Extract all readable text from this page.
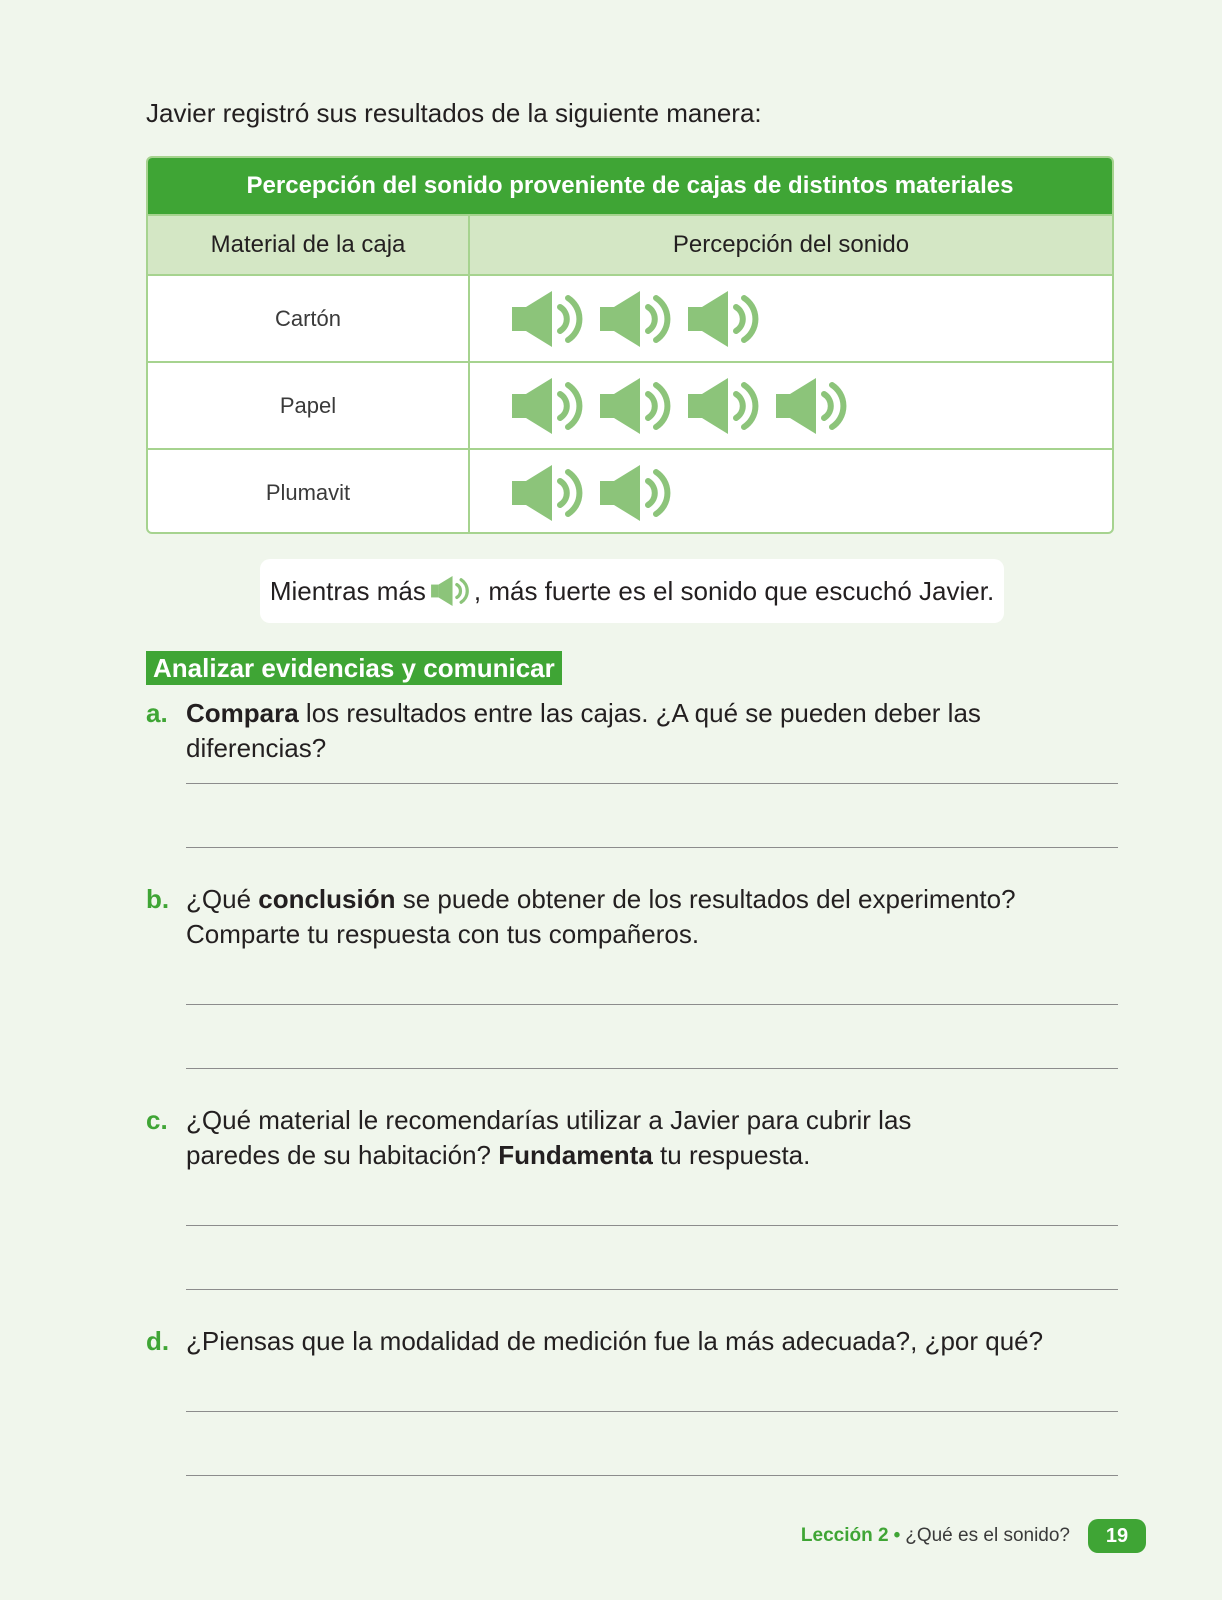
Javier registró sus resultados de la siguiente manera:

Percepción del sonido proveniente de cajas de distintos materiales
Material de la caja	Percepción del sonido
Cartón
Papel
Plumavit
Mientras más , más fuerte es el sonido que escuchó Javier.
Analizar evidencias y comunicar
a. Compara los resultados entre las cajas. ¿A qué se pueden deber las diferencias?
b. ¿Qué conclusión se puede obtener de los resultados del experimento? Comparte tu respuesta con tus compañeros.
c. ¿Qué material le recomendarías utilizar a Javier para cubrir las paredes de su habitación? Fundamenta tu respuesta.
d. ¿Piensas que la modalidad de medición fue la más adecuada?, ¿por qué?
Lección 2 • ¿Qué es el sonido?	19
